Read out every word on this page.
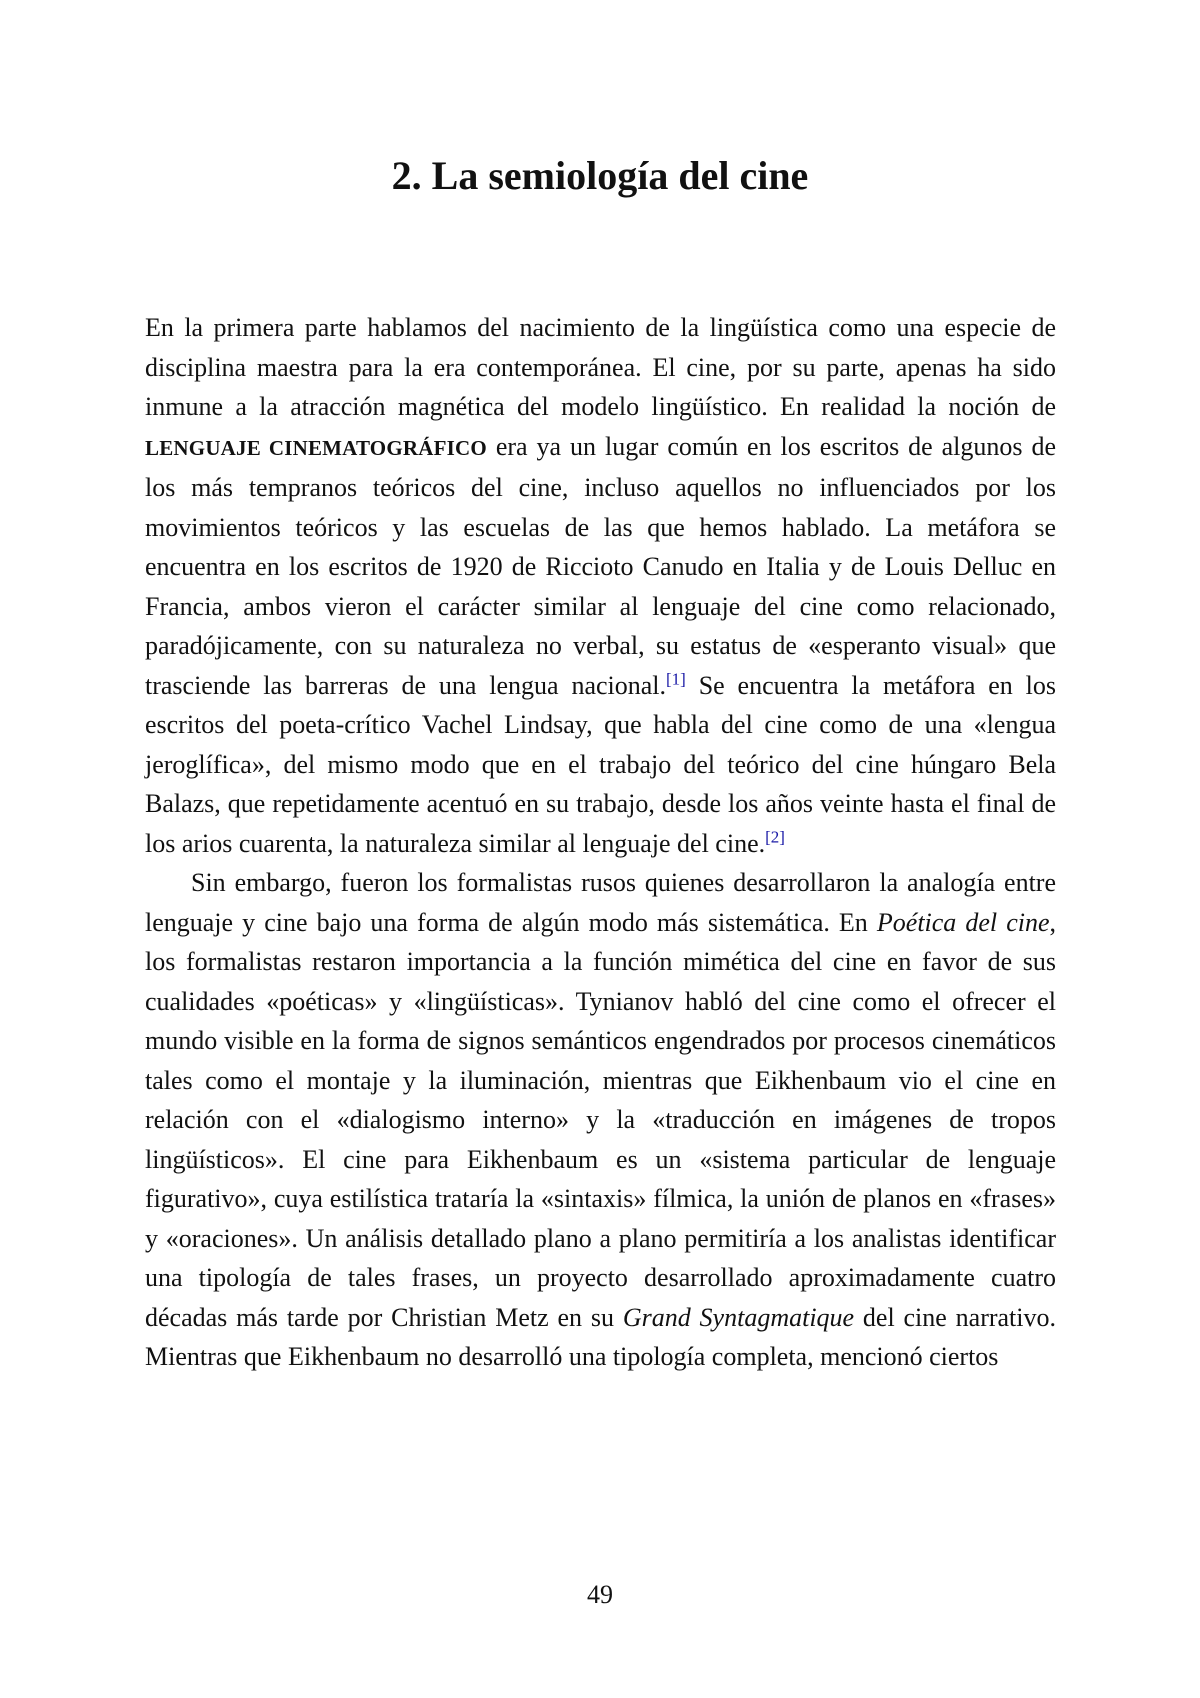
2. La semiología del cine

En la primera parte hablamos del nacimiento de la lingüística como una especie de disciplina maestra para la era contemporánea. El cine, por su parte, apenas ha sido inmune a la atracción magnética del modelo lingüístico. En realidad la noción de LENGUAJE CINEMATOGRÁFICO era ya un lugar común en los escritos de algunos de los más tempranos teóricos del cine, incluso aquellos no influenciados por los movimientos teóricos y las escuelas de las que hemos hablado. La metáfora se encuentra en los escritos de 1920 de Riccioto Canudo en Italia y de Louis Delluc en Francia, ambos vieron el carácter similar al lenguaje del cine como relacionado, paradójicamente, con su naturaleza no verbal, su estatus de «esperanto visual» que trasciende las barreras de una lengua nacional.[1] Se encuentra la metáfora en los escritos del poeta-crítico Vachel Lindsay, que habla del cine como de una «lengua jeroglífica», del mismo modo que en el trabajo del teórico del cine húngaro Bela Balazs, que repetidamente acentuó en su trabajo, desde los años veinte hasta el final de los arios cuarenta, la naturaleza similar al lenguaje del cine.[2]

Sin embargo, fueron los formalistas rusos quienes desarrollaron la analogía entre lenguaje y cine bajo una forma de algún modo más sistemática. En Poética del cine, los formalistas restaron importancia a la función mimética del cine en favor de sus cualidades «poéticas» y «lingüísticas». Tynianov habló del cine como el ofrecer el mundo visible en la forma de signos semánticos engendrados por procesos cinemáticos tales como el montaje y la iluminación, mientras que Eikhenbaum vio el cine en relación con el «dialogismo interno» y la «traducción en imágenes de tropos lingüísticos». El cine para Eikhenbaum es un «sistema particular de lenguaje figurativo», cuya estilística trataría la «sintaxis» fílmica, la unión de planos en «frases» y «oraciones». Un análisis detallado plano a plano permitiría a los analistas identificar una tipología de tales frases, un proyecto desarrollado aproximadamente cuatro décadas más tarde por Christian Metz en su Grand Syntagmatique del cine narrativo. Mientras que Eikhenbaum no desarrolló una tipología completa, mencionó ciertos

49
